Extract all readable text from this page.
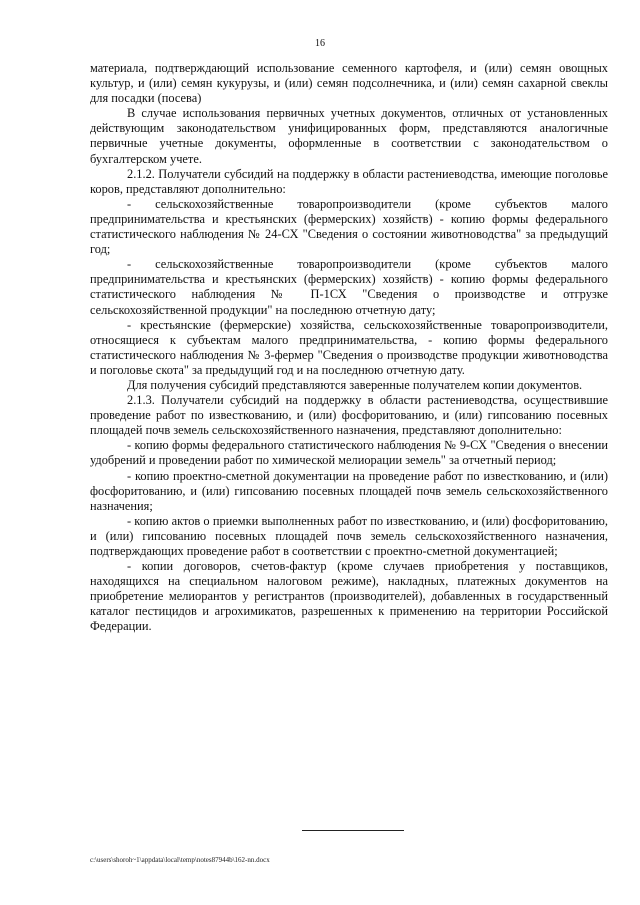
16

материала, подтверждающий использование семенного картофеля, и (или) семян овощных культур, и (или) семян кукурузы, и (или) семян подсолнечника, и (или) семян сахарной свеклы для посадки (посева)

В случае использования первичных учетных документов, отличных от установленных действующим законодательством унифицированных форм, представляются аналогичные первичные учетные документы, оформленные в соответствии с законодательством о бухгалтерском учете.

2.1.2. Получатели субсидий на поддержку в области растениеводства, имеющие поголовье коров, представляют дополнительно:

- сельскохозяйственные товаропроизводители (кроме субъектов малого предпринимательства и крестьянских (фермерских) хозяйств) - копию формы федерального статистического наблюдения № 24-СХ "Сведения о состоянии животноводства" за предыдущий год;

- сельскохозяйственные товаропроизводители (кроме субъектов малого предпринимательства и крестьянских (фермерских) хозяйств) - копию формы федерального статистического наблюдения № П-1СХ "Сведения о производстве и отгрузке сельскохозяйственной продукции" на последнюю отчетную дату;

- крестьянские (фермерские) хозяйства, сельскохозяйственные товаропроизводители, относящиеся к субъектам малого предпринимательства, - копию формы федерального статистического наблюдения № 3-фермер "Сведения о производстве продукции животноводства и поголовье скота" за предыдущий год и на последнюю отчетную дату.

Для получения субсидий представляются заверенные получателем копии документов.

2.1.3. Получатели субсидий на поддержку в области растениеводства, осуществившие проведение работ по известкованию, и (или) фосфоритованию, и (или) гипсованию посевных площадей почв земель сельскохозяйственного назначения, представляют дополнительно:

- копию формы федерального статистического наблюдения № 9-СХ "Сведения о внесении удобрений и проведении работ по химической мелиорации земель" за отчетный период;

- копию проектно-сметной документации на проведение работ по известкованию, и (или) фосфоритованию, и (или) гипсованию посевных площадей почв земель сельскохозяйственного назначения;

- копию актов о приемки выполненных работ по известкованию, и (или) фосфоритованию, и (или) гипсованию посевных площадей почв земель сельскохозяйственного назначения, подтверждающих проведение работ в соответствии с проектно-сметной документацией;

- копии договоров, счетов-фактур (кроме случаев приобретения у поставщиков, находящихся на специальном налоговом режиме), накладных, платежных документов на приобретение мелиорантов у регистрантов (производителей), добавленных в государственный каталог пестицидов и агрохимикатов, разрешенных к применению на территории Российской Федерации.

c:\users\shoroh~1\appdata\local\temp\notes87944b\162-nn.docx
